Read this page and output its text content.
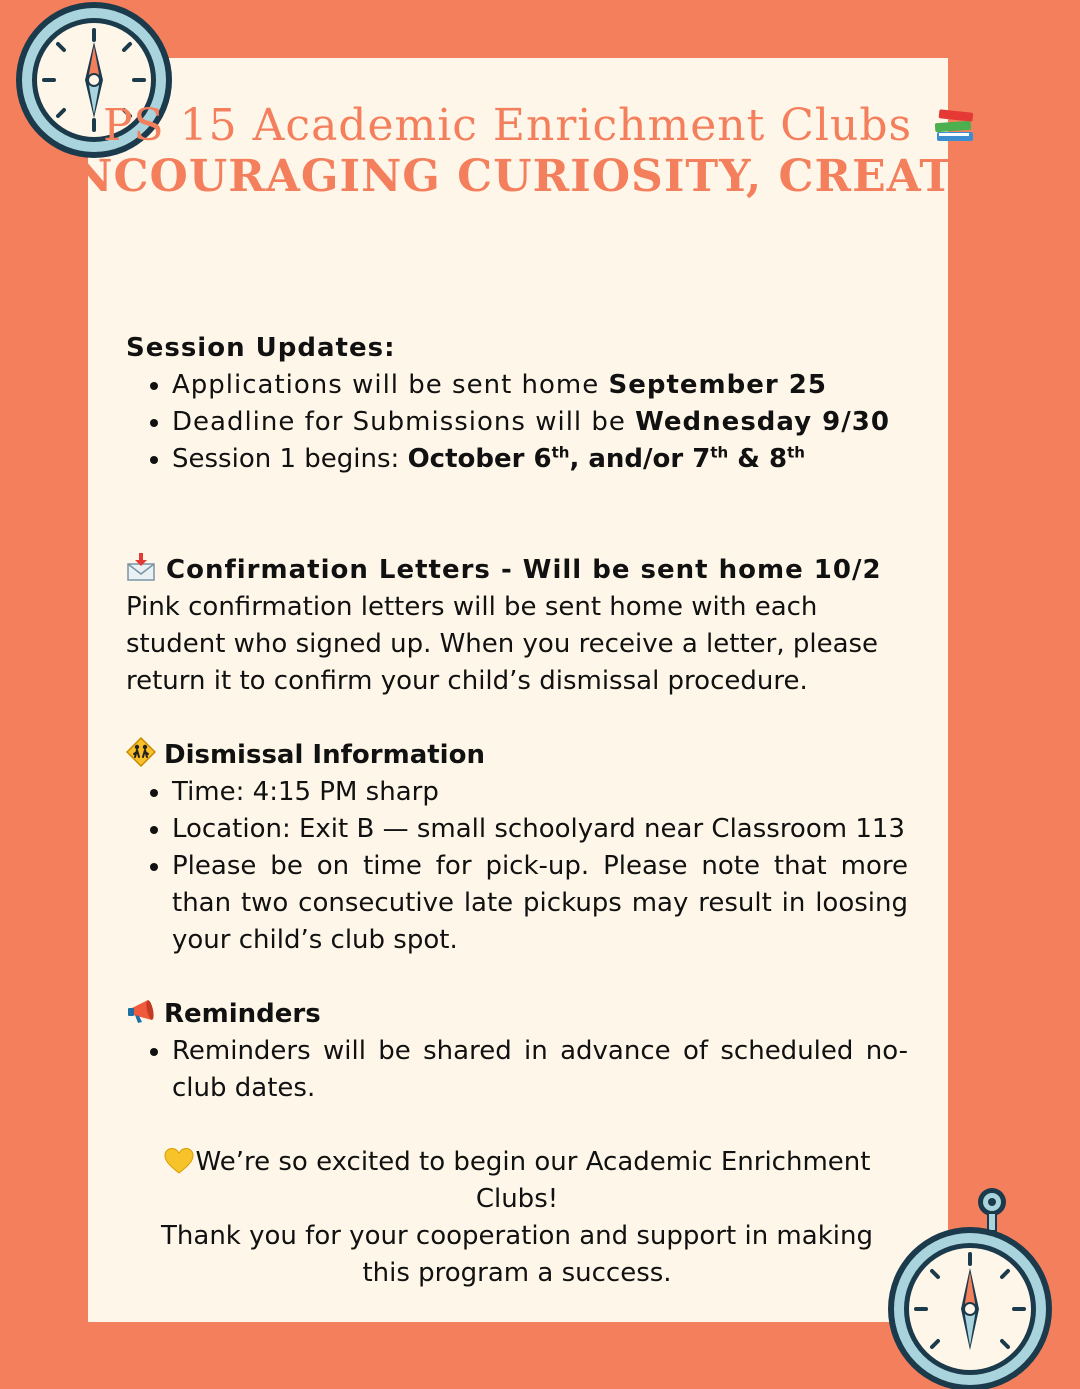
PS 15 Academic Enrichment Clubs
ENCOURAGING CURIOSITY, CREATIVY

Session Updates:

• Applications will be sent home September 25
• Deadline for Submissions will be Wednesday 9/30
• Session 1 begins: October 6th, and/or 7th & 8th

Confirmation Letters - Will be sent home 10/2

Pink confirmation letters will be sent home with each student who signed up. When you receive a letter, please return it to confirm your child’s dismissal procedure.

Dismissal Information

• Time: 4:15 PM sharp
• Location: Exit B — small schoolyard near Classroom 113
• Please be on time for pick-up. Please note that more than two consecutive late pickups may result in loosing your child’s club spot.

Reminders

• Reminders will be shared in advance of scheduled no-club dates.

We’re so excited to begin our Academic Enrichment Clubs!

Thank you for your cooperation and support in making this program a success.
